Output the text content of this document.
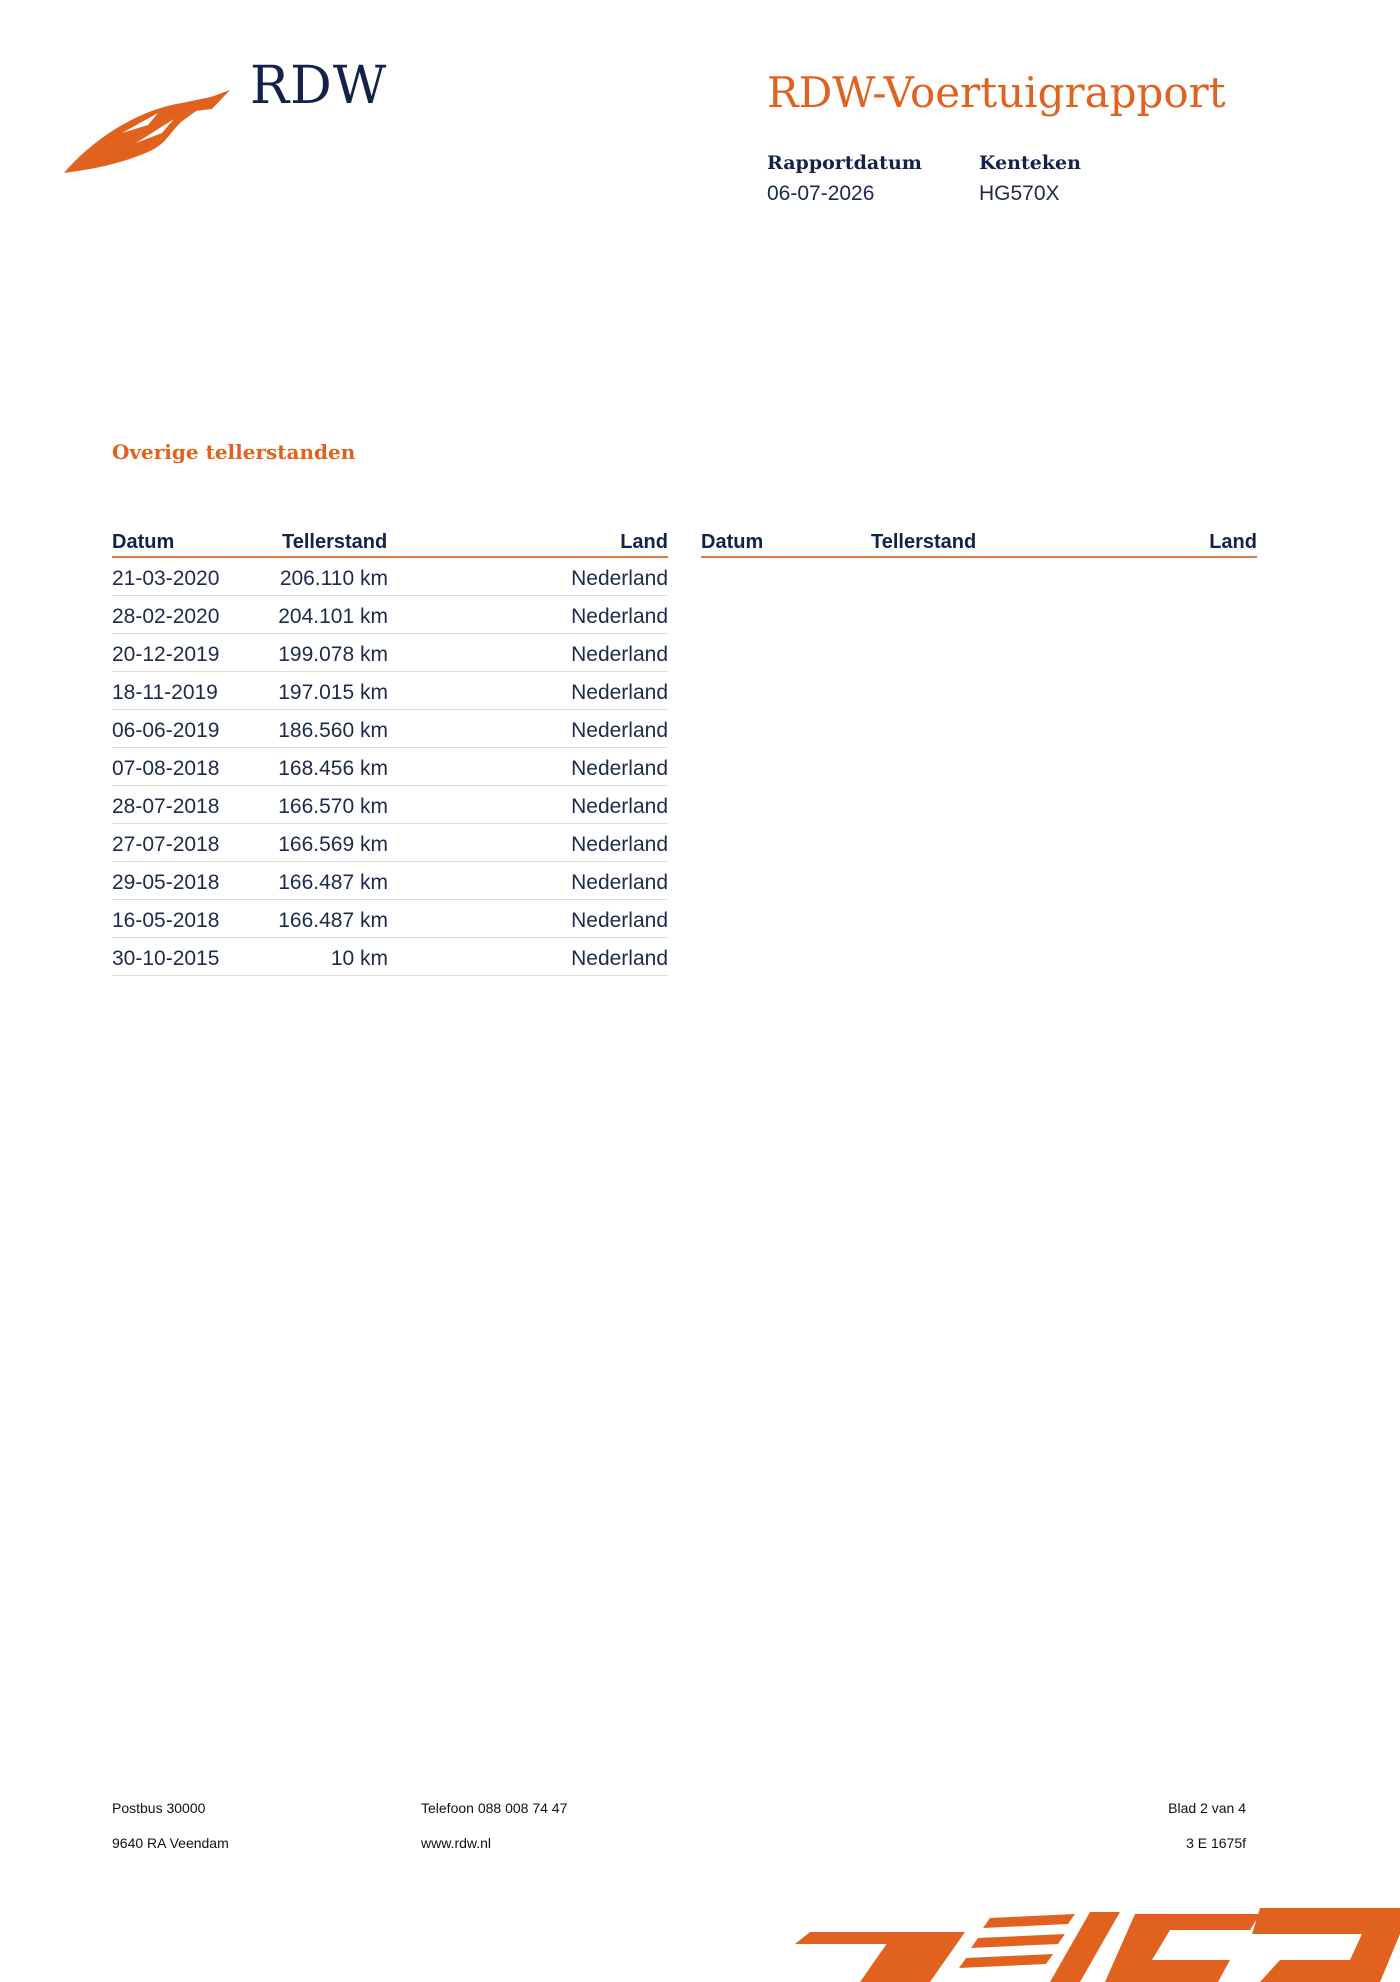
RDW	RDW-Voertuigrapport
Rapportdatum
06-07-2026
Kenteken
HG570X
Overige tellerstanden
Datum	Tellerstand	Land
21-03-2020	206.110 km	Nederland
28-02-2020	204.101 km	Nederland
20-12-2019	199.078 km	Nederland
18-11-2019	197.015 km	Nederland
06-06-2019	186.560 km	Nederland
07-08-2018	168.456 km	Nederland
28-07-2018	166.570 km	Nederland
27-07-2018	166.569 km	Nederland
29-05-2018	166.487 km	Nederland
16-05-2018	166.487 km	Nederland
30-10-2015	10 km	Nederland
Datum	Tellerstand	Land
Postbus 30000
9640 RA Veendam
Telefoon 088 008 74 47
www.rdw.nl
Blad 2 van 4
3 E 1675f
